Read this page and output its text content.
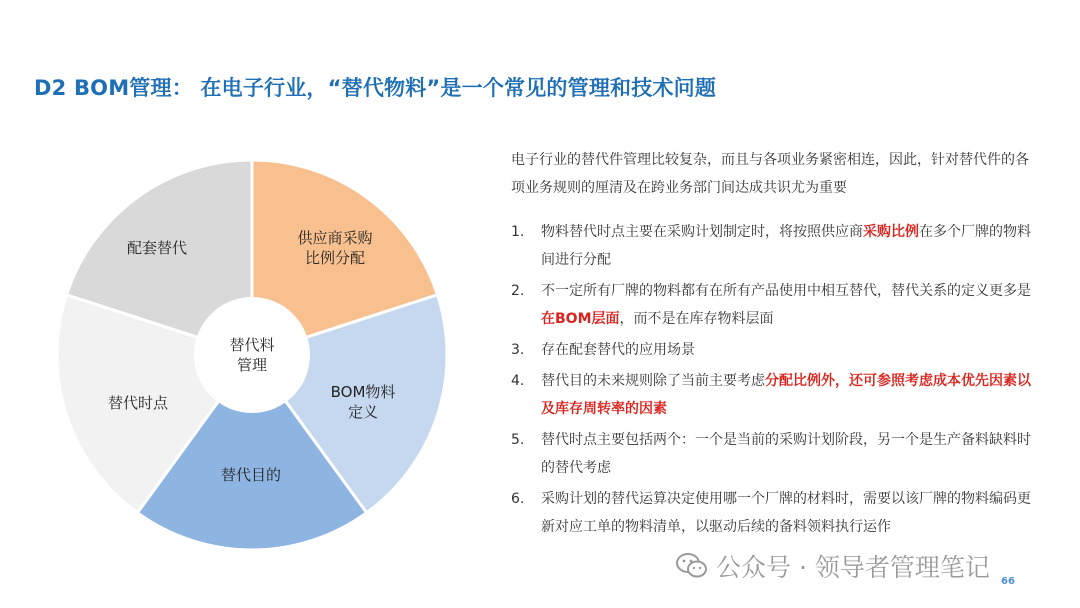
D2 BOM管理： 在电子行业，“替代物料”是一个常见的管理和技术问题
替代料
管理
配套替代
供应商采购
比例分配
BOM物料
定义
替代目的
替代时点
电子行业的替代件管理比较复杂，而且与各项业务紧密相连，因此，针对替代件的各项业务规则的厘清及在跨业务部门间达成共识尤为重要
1. 物料替代时点主要在采购计划制定时，将按照供应商采购比例在多个厂牌的物料间进行分配
2. 不一定所有厂牌的物料都有在所有产品使用中相互替代，替代关系的定义更多是在BOM层面，而不是在库存物料层面
3. 存在配套替代的应用场景
4. 替代目的未来规则除了当前主要考虑分配比例外，还可参照考虑成本优先因素以及库存周转率的因素
5. 替代时点主要包括两个：一个是当前的采购计划阶段，另一个是生产备料缺料时的替代考虑
6. 采购计划的替代运算决定使用哪一个厂牌的材料时，需要以该厂牌的物料编码更新对应工单的物料清单，以驱动后续的备料领料执行运作
公众号 · 领导者管理笔记 66
